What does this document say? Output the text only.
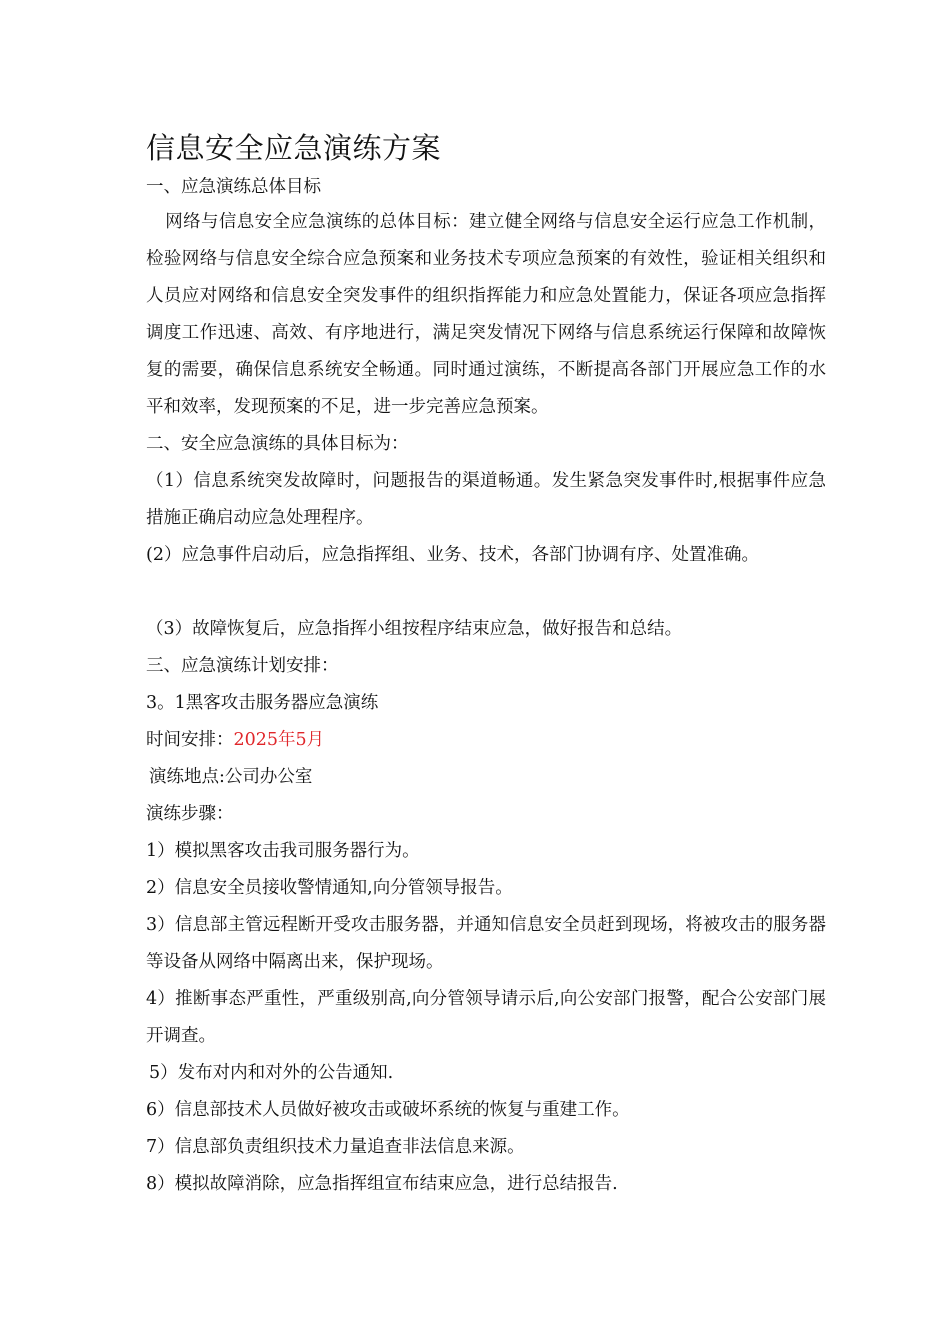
信息安全应急演练方案

一、应急演练总体目标

网络与信息安全应急演练的总体目标：建立健全网络与信息安全运行应急工作机制，检验网络与信息安全综合应急预案和业务技术专项应急预案的有效性，验证相关组织和人员应对网络和信息安全突发事件的组织指挥能力和应急处置能力，保证各项应急指挥调度工作迅速、高效、有序地进行，满足突发情况下网络与信息系统运行保障和故障恢复的需要，确保信息系统安全畅通。同时通过演练，不断提高各部门开展应急工作的水平和效率，发现预案的不足，进一步完善应急预案。

二、安全应急演练的具体目标为：

（1）信息系统突发故障时，问题报告的渠道畅通。发生紧急突发事件时,根据事件应急措施正确启动应急处理程序。

(2）应急事件启动后，应急指挥组、业务、技术，各部门协调有序、处置准确。

（3）故障恢复后，应急指挥小组按程序结束应急，做好报告和总结。

三、应急演练计划安排：

3。1黑客攻击服务器应急演练

时间安排：2025年5月

演练地点:公司办公室

演练步骤：

1）模拟黑客攻击我司服务器行为。

2）信息安全员接收警情通知,向分管领导报告。

3）信息部主管远程断开受攻击服务器，并通知信息安全员赶到现场，将被攻击的服务器等设备从网络中隔离出来，保护现场。

4）推断事态严重性，严重级别高,向分管领导请示后,向公安部门报警，配合公安部门展开调查。

5）发布对内和对外的公告通知.

6）信息部技术人员做好被攻击或破坏系统的恢复与重建工作。

7）信息部负责组织技术力量追查非法信息来源。

8）模拟故障消除，应急指挥组宣布结束应急，进行总结报告.
